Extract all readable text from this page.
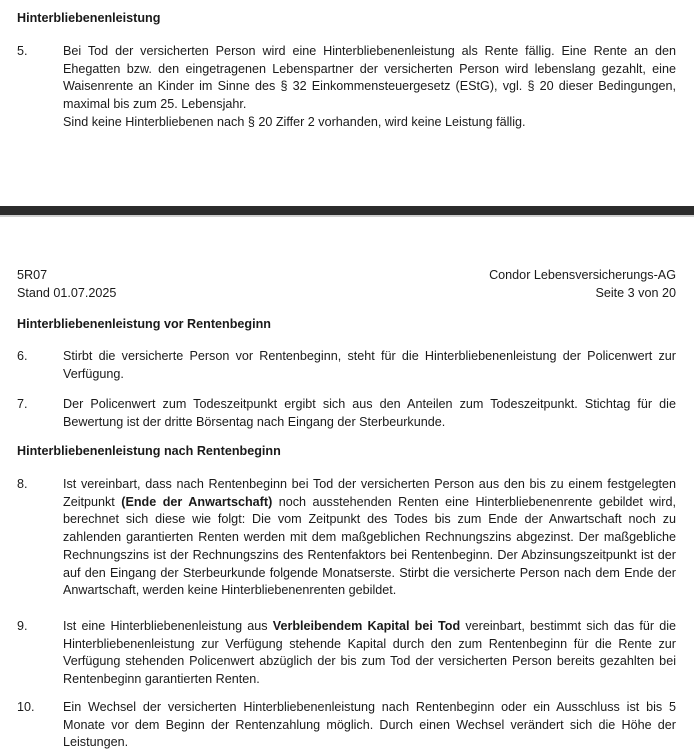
Hinterbliebenenleistung
5.	Bei Tod der versicherten Person wird eine Hinterbliebenenleistung als Rente fällig. Eine Rente an den Ehegatten bzw. den eingetragenen Lebenspartner der versicherten Person wird lebenslang gezahlt, eine Waisenrente an Kinder im Sinne des § 32 Einkommensteuergesetz (EStG), vgl. § 20 dieser Bedingungen, maximal bis zum 25. Lebensjahr.
Sind keine Hinterbliebenen nach § 20 Ziffer 2 vorhanden, wird keine Leistung fällig.
5R07
Stand 01.07.2025
Condor Lebensversicherungs-AG
Seite 3 von 20
Hinterbliebenenleistung vor Rentenbeginn
6.	Stirbt die versicherte Person vor Rentenbeginn, steht für die Hinterbliebenenleistung der Policenwert zur Verfügung.
7.	Der Policenwert zum Todeszeitpunkt ergibt sich aus den Anteilen zum Todeszeitpunkt. Stichtag für die Bewertung ist der dritte Börsentag nach Eingang der Sterbeurkunde.
Hinterbliebenenleistung nach Rentenbeginn
8.	Ist vereinbart, dass nach Rentenbeginn bei Tod der versicherten Person aus den bis zu einem festgelegten Zeitpunkt (Ende der Anwartschaft) noch ausstehenden Renten eine Hinterbliebenenrente gebildet wird, berechnet sich diese wie folgt: Die vom Zeitpunkt des Todes bis zum Ende der Anwartschaft noch zu zahlenden garantierten Renten werden mit dem maßgeblichen Rechnungszins abgezinst. Der maßgebliche Rechnungszins ist der Rechnungszins des Rentenfaktors bei Rentenbeginn. Der Abzinsungszeitpunkt ist der auf den Eingang der Sterbeurkunde folgende Monatserste. Stirbt die versicherte Person nach dem Ende der Anwartschaft, werden keine Hinterbliebenenrenten gebildet.
9.	Ist eine Hinterbliebenenleistung aus Verbleibendem Kapital bei Tod vereinbart, bestimmt sich das für die Hinterbliebenenleistung zur Verfügung stehende Kapital durch den zum Rentenbeginn für die Rente zur Verfügung stehenden Policenwert abzüglich der bis zum Tod der versicherten Person bereits gezahlten bei Rentenbeginn garantierten Renten.
10.	Ein Wechsel der versicherten Hinterbliebenenleistung nach Rentenbeginn oder ein Ausschluss ist bis 5 Monate vor dem Beginn der Rentenzahlung möglich. Durch einen Wechsel verändert sich die Höhe der Leistungen.
